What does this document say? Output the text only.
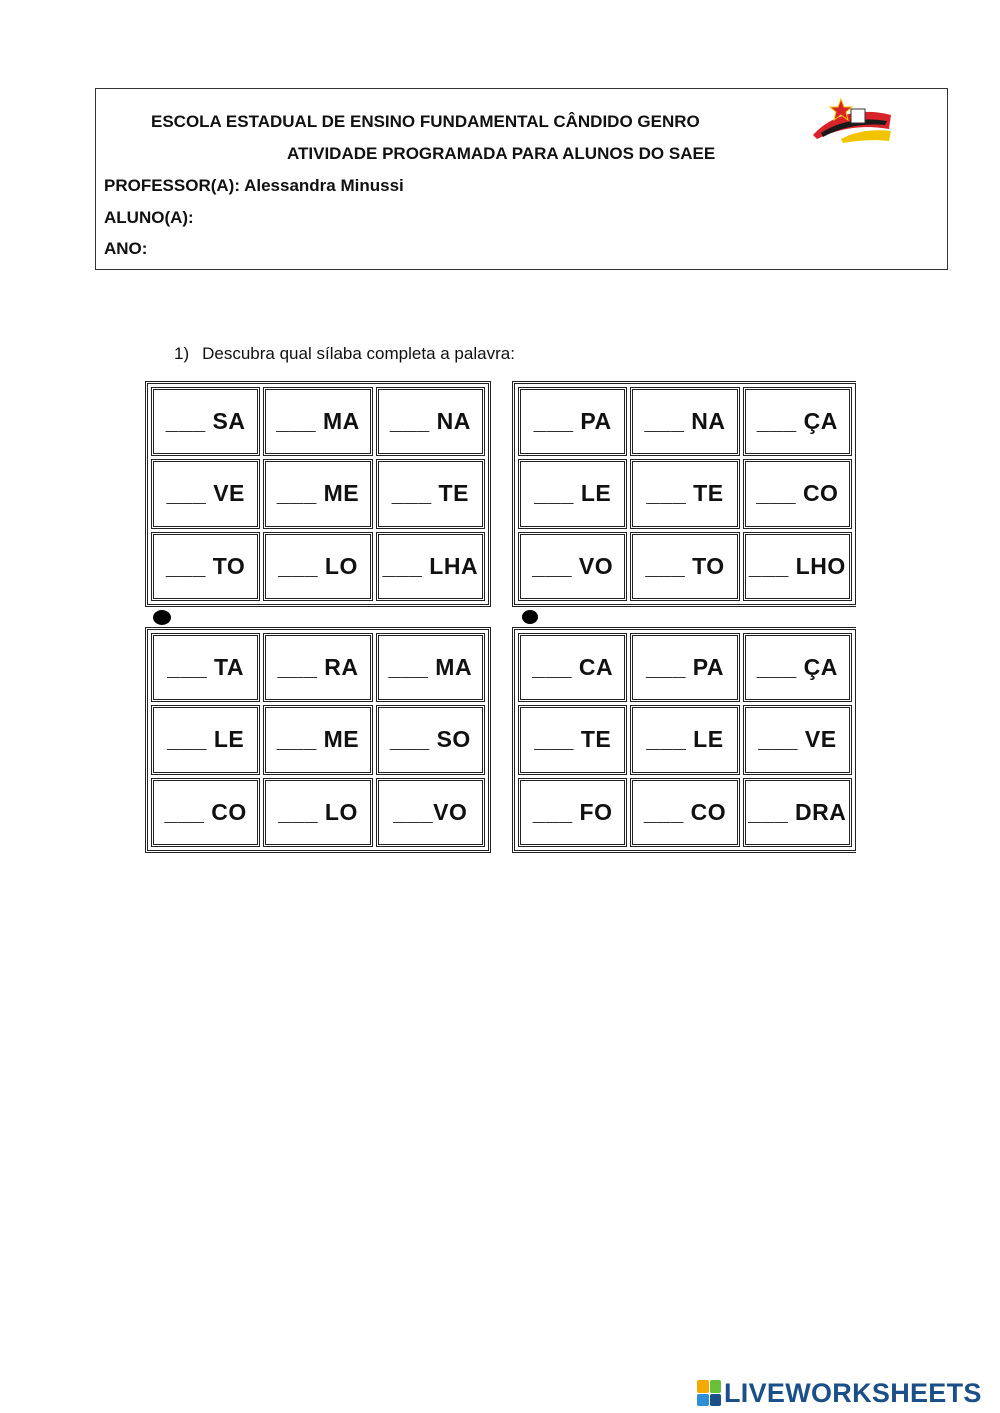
ESCOLA ESTADUAL DE ENSINO FUNDAMENTAL CÂNDIDO GENRO
ATIVIDADE PROGRAMADA PARA ALUNOS DO SAEE
PROFESSOR(A): Alessandra Minussi
ALUNO(A):
ANO:
1) Descubra qual sílaba completa a palavra:
___ SA	___ MA	___ NA
___ VE	___ ME	___ TE
___ TO	___ LO	___ LHA
___ PA	___ NA	___ ÇA
___ LE	___ TE	___ CO
___ VO	___ TO	___ LHO
___ TA	___ RA	___ MA
___ LE	___ ME	___ SO
___ CO	___ LO	___VO
___ CA	___ PA	___ ÇA
___ TE	___ LE	___ VE
___ FO	___ CO ___ DRA
LIVEWORKSHEETS
